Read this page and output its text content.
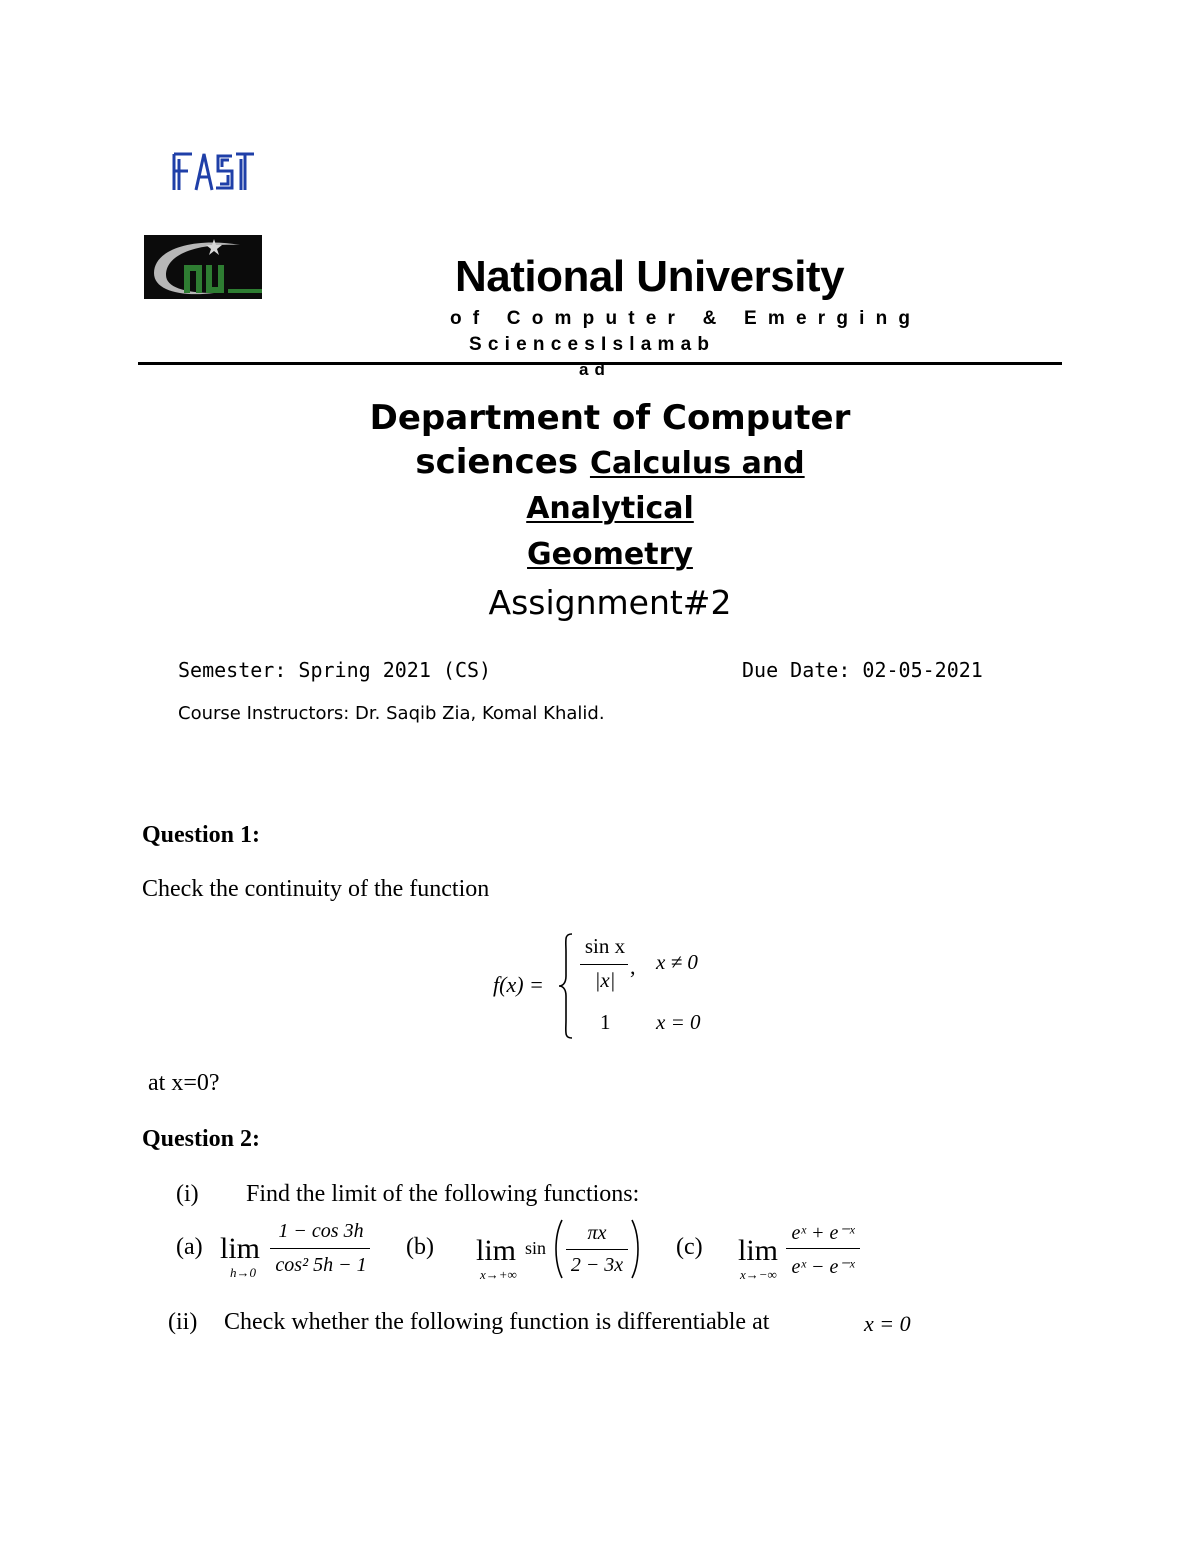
National University
of Computer & Emerging
SciencesIslamab
ad
Department of Computer
sciences Calculus and
Analytical
Geometry
Assignment#2
Semester: Spring 2021 (CS)	Due Date: 02-05-2021
Course Instructors: Dr. Saqib Zia, Komal Khalid.
Question 1:
Check the continuity of the function
f(x) =
sin x
|x|
, x ≠ 0
1 x = 0
at x=0?
Question 2:
(i) Find the limit of the following functions:
(a) lim
h→0
1 − cos 3h
cos² 5h − 1
(b) lim
x→+∞
sin
πx
2 − 3x
(c) lim
x→−∞
eˣ + e⁻ˣ
eˣ − e⁻ˣ
(ii) Check whether the following function is differentiable at	x = 0
